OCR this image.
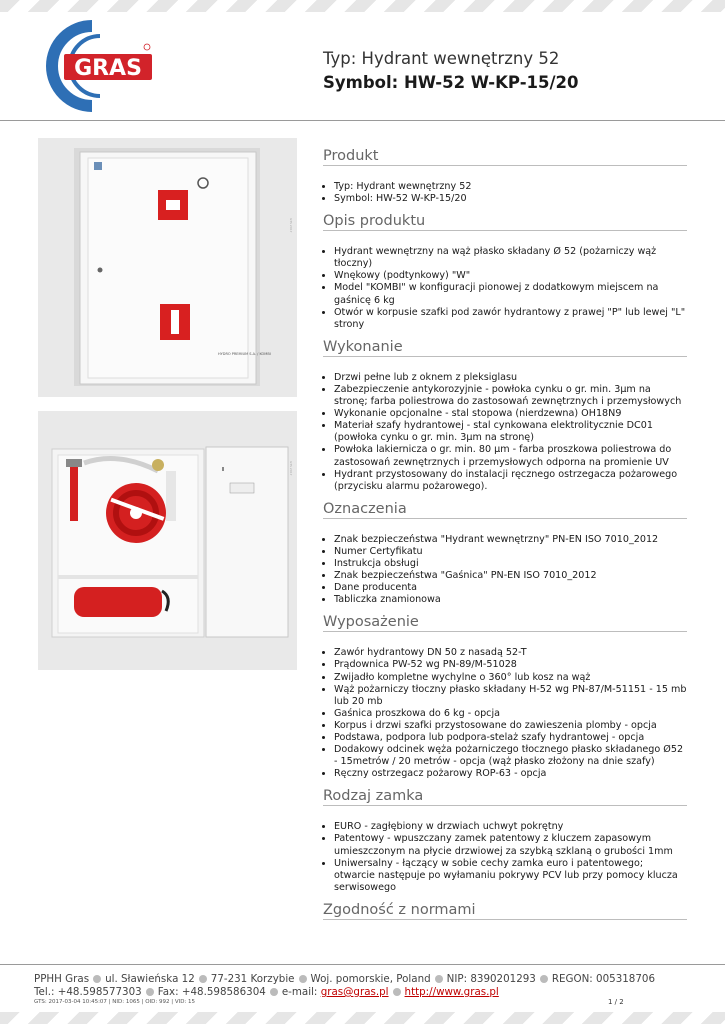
GRAS	Typ: Hydrant wewnętrzny 52
Symbol: HW-52 W-KP-15/20
HYDRO PREMIUM S.A. / KOMBI
GTS 2017
GTS 2017
Produkt
• Typ: Hydrant wewnętrzny 52
• Symbol: HW-52 W-KP-15/20
Opis produktu
• Hydrant wewnętrzny na wąż płasko składany Ø 52 (pożarniczy wąż tłoczny)
• Wnękowy (podtynkowy) "W"
• Model "KOMBI" w konfiguracji pionowej z dodatkowym miejscem na gaśnicę 6 kg
• Otwór w korpusie szafki pod zawór hydrantowy z prawej "P" lub lewej "L" strony
Wykonanie
• Drzwi pełne lub z oknem z pleksiglasu
• Zabezpieczenie antykorozyjnie - powłoka cynku o gr. min. 3µm na stronę; farba poliestrowa do zastosowań zewnętrznych i przemysłowych
• Wykonanie opcjonalne - stal stopowa (nierdzewna) OH18N9
• Materiał szafy hydrantowej - stal cynkowana elektrolitycznie DC01 (powłoka cynku o gr. min. 3µm na stronę)
• Powłoka lakiernicza o gr. min. 80 µm - farba proszkowa poliestrowa do zastosowań zewnętrznych i przemysłowych odporna na promienie UV
• Hydrant przystosowany do instalacji ręcznego ostrzegacza pożarowego (przycisku alarmu pożarowego).
Oznaczenia
• Znak bezpieczeństwa "Hydrant wewnętrzny" PN-EN ISO 7010_2012
• Numer Certyfikatu
• Instrukcja obsługi
• Znak bezpieczeństwa "Gaśnica" PN-EN ISO 7010_2012
• Dane producenta
• Tabliczka znamionowa
Wyposażenie
• Zawór hydrantowy DN 50 z nasadą 52-T
• Prądownica PW-52 wg PN-89/M-51028
• Zwijadło kompletne wychylne o 360° lub kosz na wąż
• Wąż pożarniczy tłoczny płasko składany H-52 wg PN-87/M-51151 - 15 mb lub 20 mb
• Gaśnica proszkowa do 6 kg - opcja
• Korpus i drzwi szafki przystosowane do zawieszenia plomby - opcja
• Podstawa, podpora lub podpora-stelaż szafy hydrantowej - opcja
• Dodakowy odcinek węża pożarniczego tłocznego płasko składanego Ø52 - 15metrów / 20 metrów - opcja (wąż płasko złożony na dnie szafy)
• Ręczny ostrzegacz pożarowy ROP-63 - opcja
Rodzaj zamka
• EURO - zagłębiony w drzwiach uchwyt pokrętny
• Patentowy - wpuszczany zamek patentowy z kluczem zapasowym umieszczonym na płycie drzwiowej za szybką szklaną o grubości 1mm
• Uniwersalny - łączący w sobie cechy zamka euro i patentowego; otwarcie następuje po wyłamaniu pokrywy PCV lub przy pomocy klucza serwisowego
Zgodność z normami
PPHH Gras ul. Sławieńska 12 77-231 Korzybie Woj. pomorskie, Poland NIP: 8390201293 REGON: 005318706
Tel.: +48.598577303 Fax: +48.598586304 e-mail: gras@gras.pl http://www.gras.pl
GTS: 2017-03-04 10:45:07 | NID: 1065 | OID: 992 | VID: 15	1 / 2
